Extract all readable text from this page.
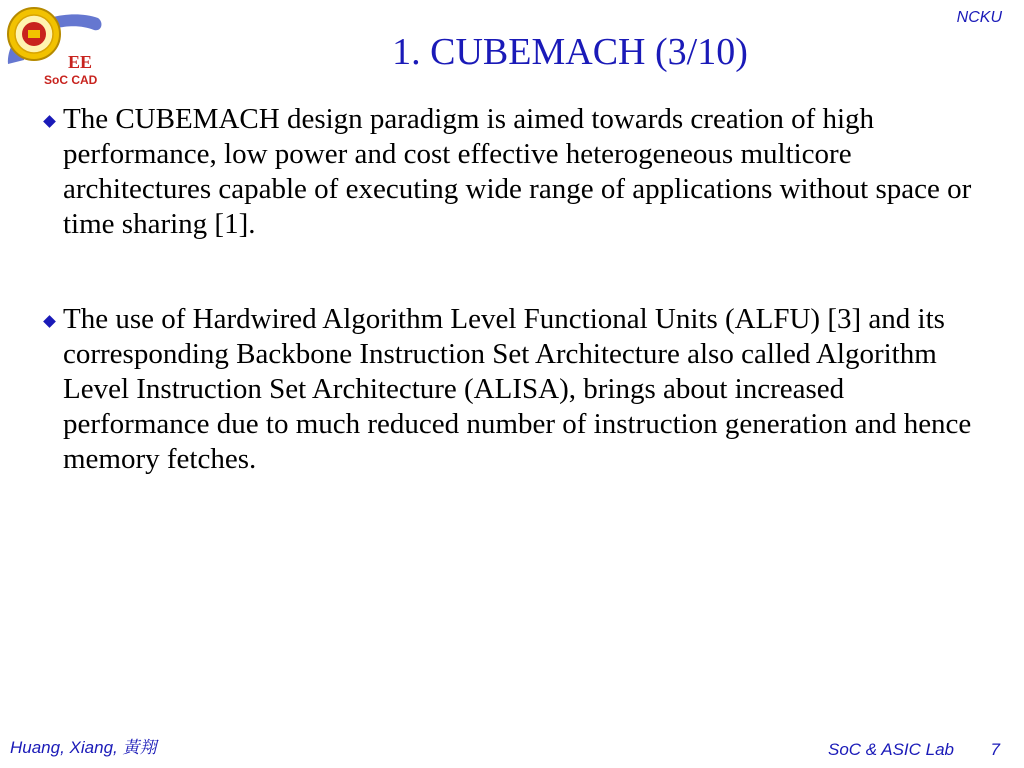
EE
SoC CAD
NCKU
1. CUBEMACH (3/10)

The CUBEMACH design paradigm is aimed towards creation of high performance, low power and cost effective heterogeneous multicore architectures capable of executing wide range of applications without space or time sharing [1].

The use of Hardwired Algorithm Level Functional Units (ALFU) [3] and its corresponding Backbone Instruction Set Architecture also called Algorithm Level Instruction Set Architecture (ALISA), brings about increased performance due to much reduced number of instruction generation and hence memory fetches.

Huang, Xiang, 黃翔	SoC & ASIC Lab 7
